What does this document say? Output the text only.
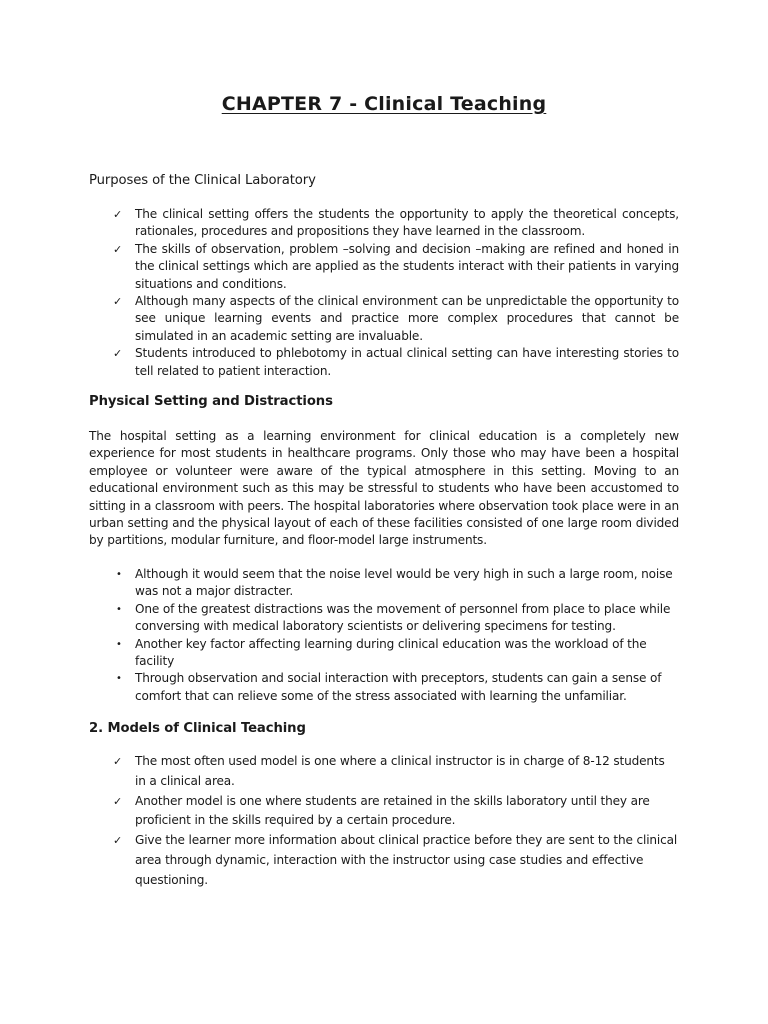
CHAPTER 7 - Clinical Teaching
Purposes of the Clinical Laboratory
✓ The clinical setting offers the students the opportunity to apply the theoretical concepts, rationales, procedures and propositions they have learned in the classroom.
✓ The skills of observation, problem –solving and decision –making are refined and honed in the clinical settings which are applied as the students interact with their patients in varying situations and conditions.
✓ Although many aspects of the clinical environment can be unpredictable the opportunity to see unique learning events and practice more complex procedures that cannot be simulated in an academic setting are invaluable.
✓ Students introduced to phlebotomy in actual clinical setting can have interesting stories to tell related to patient interaction.
Physical Setting and Distractions

The hospital setting as a learning environment for clinical education is a completely new experience for most students in healthcare programs. Only those who may have been a hospital employee or volunteer were aware of the typical atmosphere in this setting. Moving to an educational environment such as this may be stressful to students who have been accustomed to sitting in a classroom with peers. The hospital laboratories where observation took place were in an urban setting and the physical layout of each of these facilities consisted of one large room divided by partitions, modular furniture, and floor-model large instruments.

• Although it would seem that the noise level would be very high in such a large room, noise was not a major distracter.
• One of the greatest distractions was the movement of personnel from place to place while conversing with medical laboratory scientists or delivering specimens for testing.
• Another key factor affecting learning during clinical education was the workload of the facility
• Through observation and social interaction with preceptors, students can gain a sense of comfort that can relieve some of the stress associated with learning the unfamiliar.
2. Models of Clinical Teaching
✓ The most often used model is one where a clinical instructor is in charge of 8-12 students in a clinical area.
✓ Another model is one where students are retained in the skills laboratory until they are proficient in the skills required by a certain procedure.
✓ Give the learner more information about clinical practice before they are sent to the clinical area through dynamic, interaction with the instructor using case studies and effective questioning.
